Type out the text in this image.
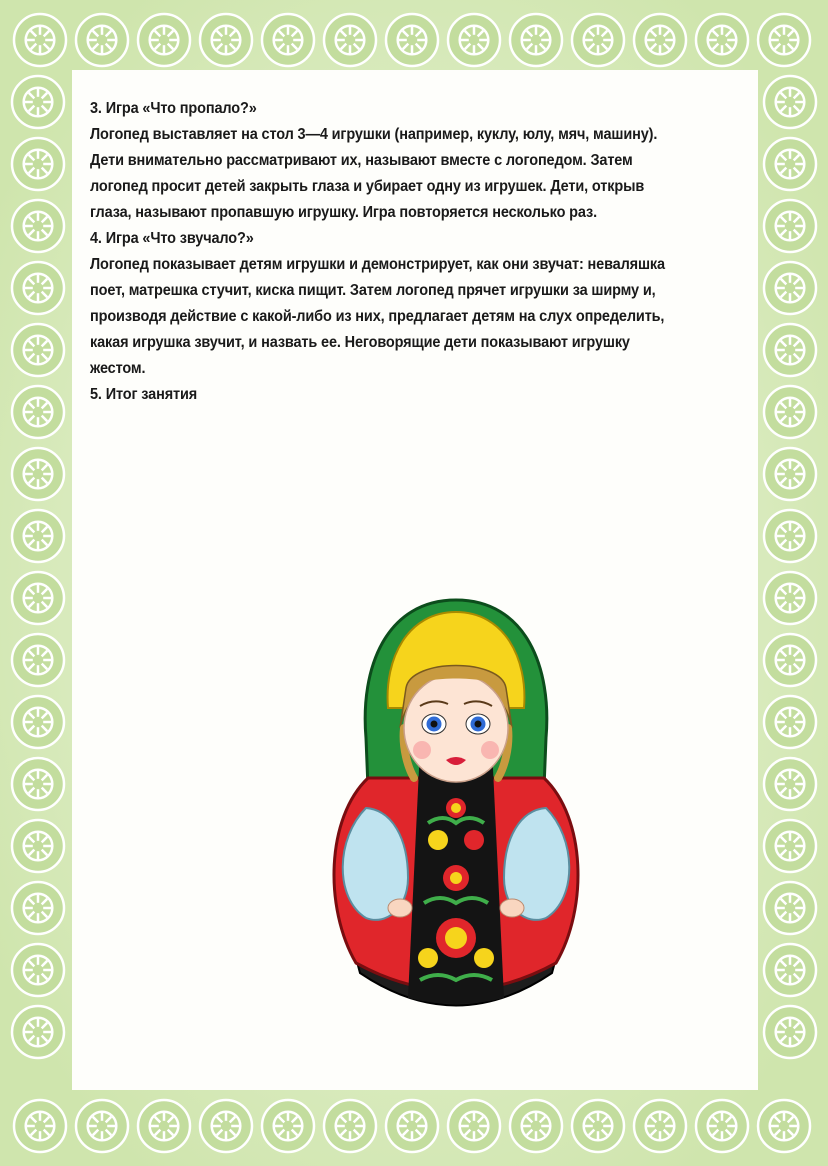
3. Игра «Что пропало?»

Логопед выставляет на стол 3—4 игрушки (например, куклу, юлу, мяч, машину). Дети внимательно рассматривают их, называют вместе с логопедом. Затем логопед просит детей закрыть глаза и убирает одну из игрушек. Дети, открыв глаза, называют пропавшую игрушку. Игра повторяется несколько раз.

4. Игра «Что звучало?»

Логопед показывает детям игрушки и демонстрирует, как они звучат: неваляшка поет, матрешка стучит, киска пищит. Затем логопед прячет игрушки за ширму и, производя действие с какой-либо из них, предлагает детям на слух определить, какая игрушка звучит, и назвать ее. Неговорящие дети показывают игрушку жестом.

5. Итог занятия
